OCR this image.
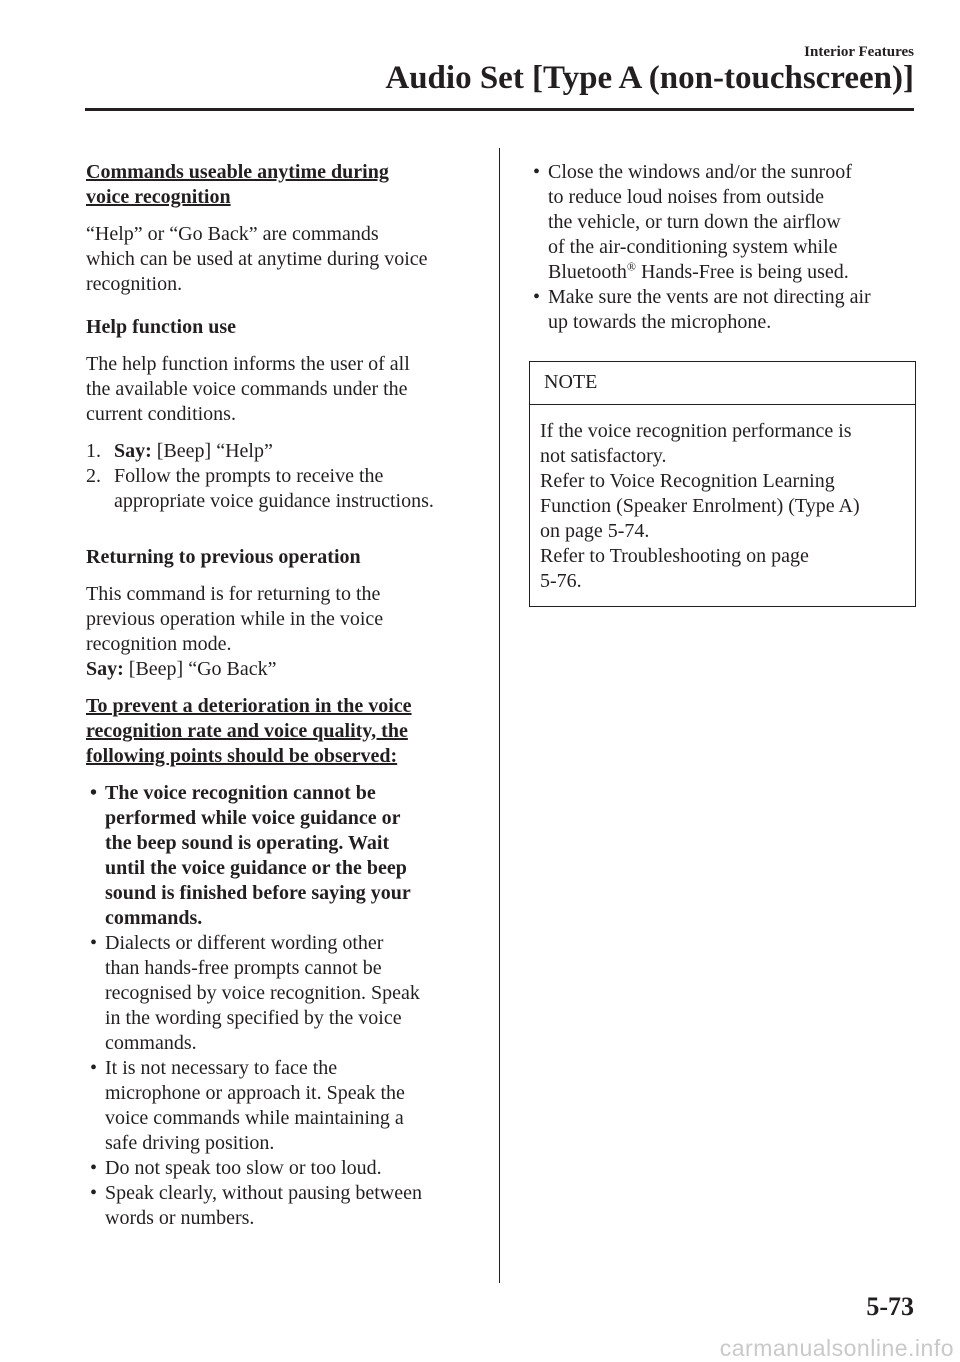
Interior Features
Audio Set [Type A (non-touchscreen)]

Commands useable anytime during
voice recognition

“Help” or “Go Back” are commands
which can be used at anytime during voice
recognition.

Help function use

The help function informs the user of all
the available voice commands under the
current conditions.

1. Say: [Beep] “Help”
2. Follow the prompts to receive the
appropriate voice guidance instructions.

Returning to previous operation

This command is for returning to the
previous operation while in the voice
recognition mode.
Say: [Beep] “Go Back”

To prevent a deterioration in the voice
recognition rate and voice quality, the
following points should be observed:

• The voice recognition cannot be
performed while voice guidance or
the beep sound is operating. Wait
until the voice guidance or the beep
sound is finished before saying your
commands.
• Dialects or different wording other
than hands-free prompts cannot be
recognised by voice recognition. Speak
in the wording specified by the voice
commands.
• It is not necessary to face the
microphone or approach it. Speak the
voice commands while maintaining a
safe driving position.
• Do not speak too slow or too loud.
• Speak clearly, without pausing between
words or numbers.
• Close the windows and/or the sunroof
to reduce loud noises from outside
the vehicle, or turn down the airflow
of the air-conditioning system while
Bluetooth® Hands-Free is being used.
• Make sure the vents are not directing air
up towards the microphone.
NOTE
If the voice recognition performance is
not satisfactory.
Refer to Voice Recognition Learning
Function (Speaker Enrolment) (Type A)
on page 5-74.
Refer to Troubleshooting on page
5-76.
5-73
carmanualsonline.info
